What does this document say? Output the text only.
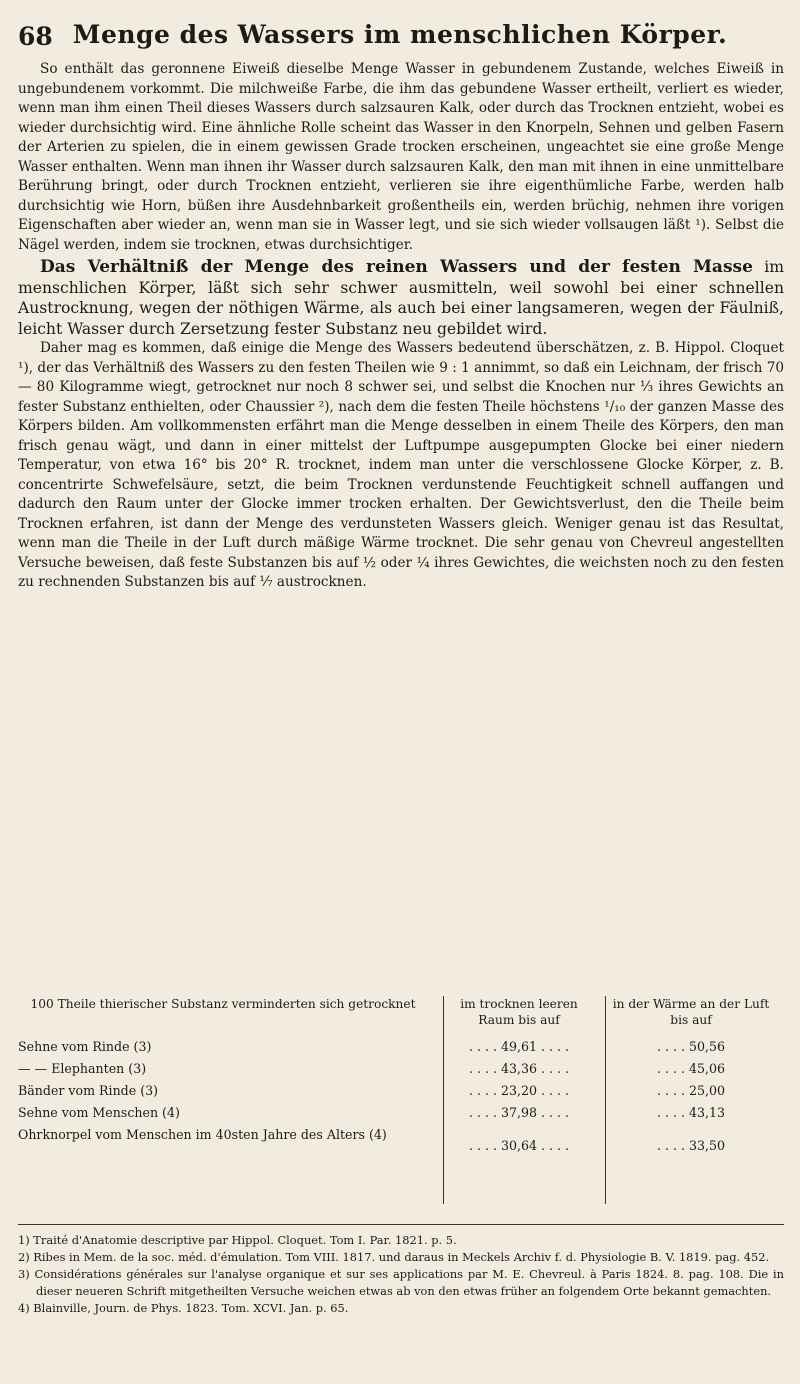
68 Menge des Wassers im menschlichen Körper.

So enthält das geronnene Eiweiß dieselbe Menge Wasser in gebundenem Zustande, welches Eiweiß in ungebundenem vorkommt. Die milchweiße Farbe, die ihm das gebundene Wasser ertheilt, verliert es wieder, wenn man ihm einen Theil dieses Wassers durch salzsauren Kalk, oder durch das Trocknen entzieht, wobei es wieder durchsichtig wird. Eine ähnliche Rolle scheint das Wasser in den Knorpeln, Sehnen und gelben Fasern der Arterien zu spielen, die in einem gewissen Grade trocken erscheinen, ungeachtet sie eine große Menge Wasser enthalten. Wenn man ihnen ihr Wasser durch salzsauren Kalk, den man mit ihnen in eine unmittelbare Berührung bringt, oder durch Trocknen entzieht, verlieren sie ihre eigenthümliche Farbe, werden halb durchsichtig wie Horn, büßen ihre Ausdehnbarkeit großentheils ein, werden brüchig, nehmen ihre vorigen Eigenschaften aber wieder an, wenn man sie in Wasser legt, und sie sich wieder vollsaugen läßt ¹). Selbst die Nägel werden, indem sie trocknen, etwas durchsichtiger.

Das Verhältniß der Menge des reinen Wassers und der festen Masse im menschlichen Körper, läßt sich sehr schwer ausmitteln, weil sowohl bei einer schnellen Austrocknung, wegen der nöthigen Wärme, als auch bei einer langsameren, wegen der Fäulniß, leicht Wasser durch Zersetzung fester Substanz neu gebildet wird.

Daher mag es kommen, daß einige die Menge des Wassers bedeutend überschätzen, z. B. Hippol. Cloquet ¹), der das Verhältniß des Wassers zu den festen Theilen wie 9 : 1 annimmt, so daß ein Leichnam, der frisch 70 — 80 Kilogramme wiegt, getrocknet nur noch 8 schwer sei, und selbst die Knochen nur ⅓ ihres Gewichts an fester Substanz enthielten, oder Chaussier ²), nach dem die festen Theile höchstens ¹/₁₀ der ganzen Masse des Körpers bilden. Am vollkommensten erfährt man die Menge desselben in einem Theile des Körpers, den man frisch genau wägt, und dann in einer mittelst der Luftpumpe ausgepumpten Glocke bei einer niedern Temperatur, von etwa 16° bis 20° R. trocknet, indem man unter die verschlossene Glocke Körper, z. B. concentrirte Schwefelsäure, setzt, die beim Trocknen verdunstende Feuchtigkeit schnell auffangen und dadurch den Raum unter der Glocke immer trocken erhalten. Der Gewichtsverlust, den die Theile beim Trocknen erfahren, ist dann der Menge des verdunsteten Wassers gleich. Weniger genau ist das Resultat, wenn man die Theile in der Luft durch mäßige Wärme trocknet. Die sehr genau von Chevreul angestellten Versuche beweisen, daß feste Substanzen bis auf ½ oder ¼ ihres Gewichtes, die weichsten noch zu den festen zu rechnenden Substanzen bis auf ⅐ austrocknen.

100 Theile thierischer Substanz verminderten sich getrocknet
Sehne vom Rinde (3)
— — Elephanten (3)
Bänder vom Rinde (3)
Sehne vom Menschen (4)
Ohrknorpel vom Menschen im 40sten Jahre des Alters (4)
im trocknen leeren Raum bis auf
. . . . 49,61 . . . .
. . . . 43,36 . . . .
. . . . 23,20 . . . .
. . . . 37,98 . . . .
. . . . 30,64 . . . .
in der Wärme an der Luft bis auf
. . . . 50,56
. . . . 45,06
. . . . 25,00
. . . . 43,13
. . . . 33,50
1) Traité d'Anatomie descriptive par Hippol. Cloquet. Tom I. Par. 1821. p. 5.
2) Ribes in Mem. de la soc. méd. d'émulation. Tom VIII. 1817. und daraus in Meckels Archiv f. d. Physiologie B. V. 1819. pag. 452.
3) Considérations générales sur l'analyse organique et sur ses applications par M. E. Chevreul. à Paris 1824. 8. pag. 108. Die in dieser neueren Schrift mitgetheilten Versuche weichen etwas ab von den etwas früher an folgendem Orte bekannt gemachten.
4) Blainville, Journ. de Phys. 1823. Tom. XCVI. Jan. p. 65.
